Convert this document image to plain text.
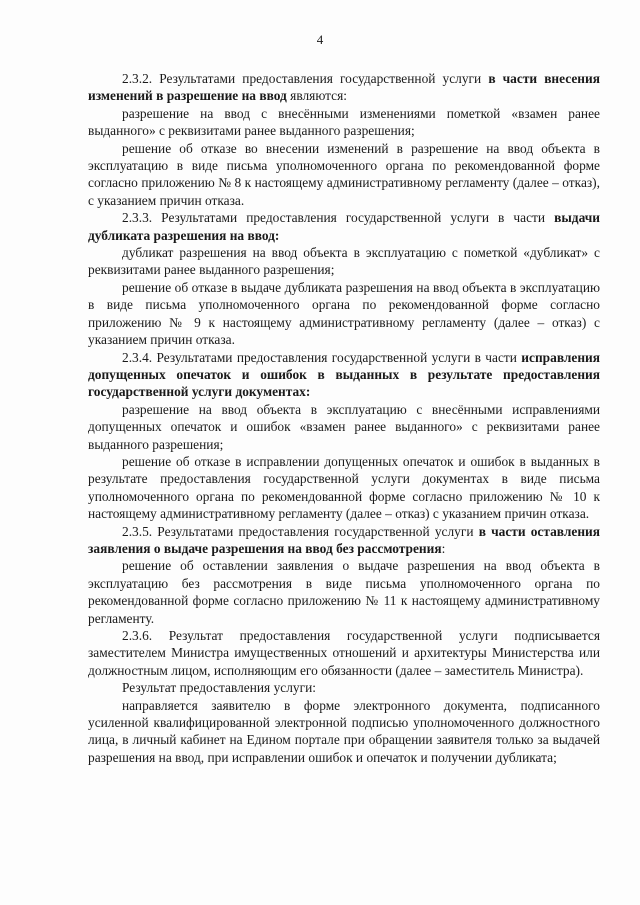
4

2.3.2. Результатами предоставления государственной услуги в части внесения изменений в разрешение на ввод являются:

разрешение на ввод с внесёнными изменениями пометкой «взамен ранее выданного» с реквизитами ранее выданного разрешения;

решение об отказе во внесении изменений в разрешение на ввод объекта в эксплуатацию в виде письма уполномоченного органа по рекомендованной форме согласно приложению № 8 к настоящему административному регламенту (далее – отказ), с указанием причин отказа.

2.3.3. Результатами предоставления государственной услуги в части выдачи дубликата разрешения на ввод:

дубликат разрешения на ввод объекта в эксплуатацию с пометкой «дубликат» с реквизитами ранее выданного разрешения;

решение об отказе в выдаче дубликата разрешения на ввод объекта в эксплуатацию в виде письма уполномоченного органа по рекомендованной форме согласно приложению № 9 к настоящему административному регламенту (далее – отказ) с указанием причин отказа.

2.3.4. Результатами предоставления государственной услуги в части исправления допущенных опечаток и ошибок в выданных в результате предоставления государственной услуги документах:

разрешение на ввод объекта в эксплуатацию с внесёнными исправлениями допущенных опечаток и ошибок «взамен ранее выданного» с реквизитами ранее выданного разрешения;

решение об отказе в исправлении допущенных опечаток и ошибок в выданных в результате предоставления государственной услуги документах в виде письма уполномоченного органа по рекомендованной форме согласно приложению № 10 к настоящему административному регламенту (далее – отказ) с указанием причин отказа.

2.3.5. Результатами предоставления государственной услуги в части оставления заявления о выдаче разрешения на ввод без рассмотрения:

решение об оставлении заявления о выдаче разрешения на ввод объекта в эксплуатацию без рассмотрения в виде письма уполномоченного органа по рекомендованной форме согласно приложению № 11 к настоящему административному регламенту.

2.3.6. Результат предоставления государственной услуги подписывается заместителем Министра имущественных отношений и архитектуры Министерства или должностным лицом, исполняющим его обязанности (далее – заместитель Министра).

Результат предоставления услуги:

направляется заявителю в форме электронного документа, подписанного усиленной квалифицированной электронной подписью уполномоченного должностного лица, в личный кабинет на Едином портале при обращении заявителя только за выдачей разрешения на ввод, при исправлении ошибок и опечаток и получении дубликата;
